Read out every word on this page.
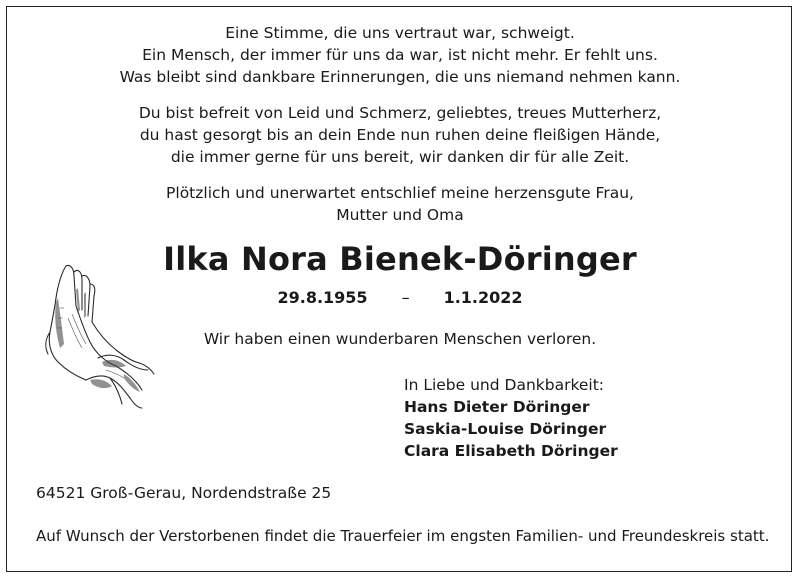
Eine Stimme, die uns vertraut war, schweigt.
Ein Mensch, der immer für uns da war, ist nicht mehr. Er fehlt uns.
Was bleibt sind dankbare Erinnerungen, die uns niemand nehmen kann.
Du bist befreit von Leid und Schmerz, geliebtes, treues Mutterherz,
du hast gesorgt bis an dein Ende nun ruhen deine fleißigen Hände,
die immer gerne für uns bereit, wir danken dir für alle Zeit.
Plötzlich und unerwartet entschlief meine herzensgute Frau,
Mutter und Oma
Ilka Nora Bienek-Döringer
29.8.1955 – 1.1.2022
Wir haben einen wunderbaren Menschen verloren.
In Liebe und Dankbarkeit:
Hans Dieter Döringer
Saskia-Louise Döringer
Clara Elisabeth Döringer
64521 Groß-Gerau, Nordendstraße 25
Auf Wunsch der Verstorbenen findet die Trauerfeier im engsten Familien- und Freundeskreis statt.
